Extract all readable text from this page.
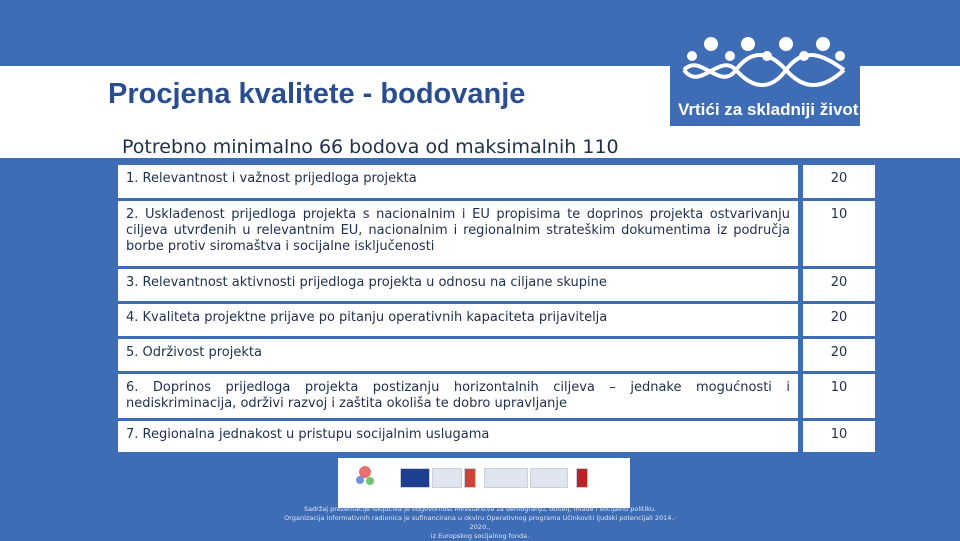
Procjena kvalitete - bodovanje
Potrebno minimalno 66 bodova od maksimalnih 110
Vrtići za skladniji život
1. Relevantnost i važnost prijedloga projekta	20
2. Usklađenost prijedloga projekta s nacionalnim i EU propisima te doprinos projekta ostvarivanju ciljeva utvrđenih u relevantnim EU, nacionalnim i regionalnim strateškim dokumentima iz područja borbe protiv siromaštva i socijalne isključenosti	10
3. Relevantnost aktivnosti prijedloga projekta u odnosu na ciljane skupine	20
4. Kvaliteta projektne prijave po pitanju operativnih kapaciteta prijavitelja	20
5. Održivost projekta	20
6. Doprinos prijedloga projekta postizanju horizontalnih ciljeva – jednake mogućnosti i nediskriminacija, održivi razvoj i zaštita okoliša te dobro upravljanje	10
7. Regionalna jednakost u pristupu socijalnim uslugama	10
Sadržaj prezentacije isključiva je odgovornost Ministarstva za demografiju, obitelj, mlade i socijalnu politiku.
Organizacija informativnih radionica je sufinancirana u okviru Operativnog programa Učinkoviti ljudski potencijali 2014.- 2020.,
iz Europskog socijalnog fonda.
